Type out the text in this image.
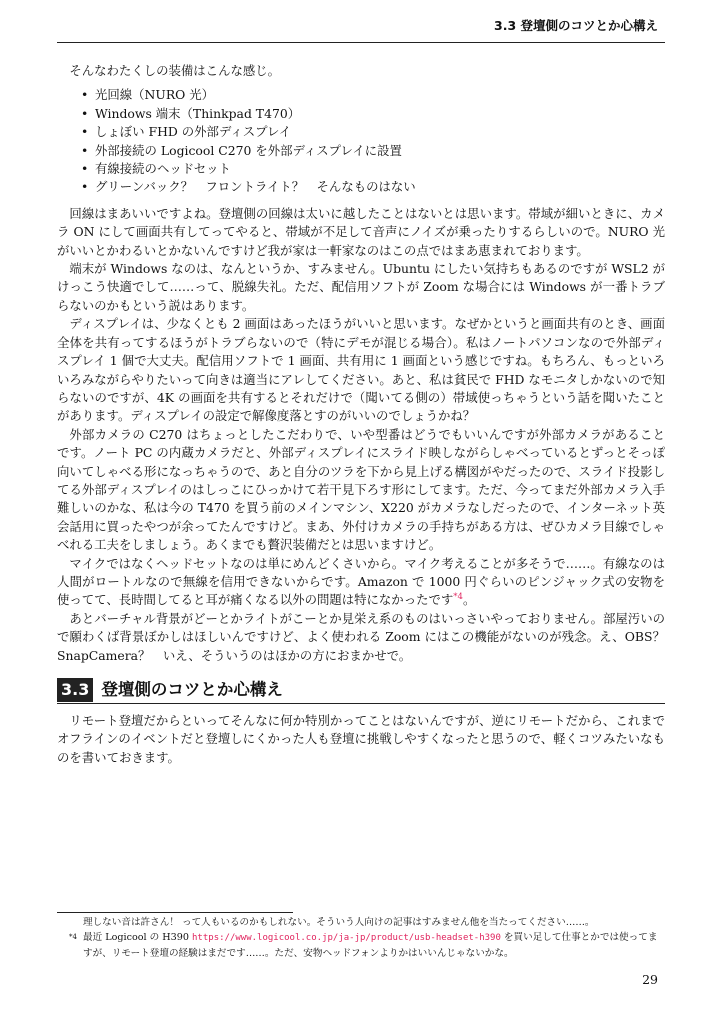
3.3 登壇側のコツとか心構え

そんなわたくしの装備はこんな感じ。

• 光回線（NURO 光）
• Windows 端末（Thinkpad T470）
• しょぼい FHD の外部ディスプレイ
• 外部接続の Logicool C270 を外部ディスプレイに設置
• 有線接続のヘッドセット
• グリーンバック？　フロントライト？　そんなものはない

回線はまあいいですよね。登壇側の回線は太いに越したことはないとは思います。帯域が細いときに、カメラ ON にして画面共有してってやると、帯域が不足して音声にノイズが乗ったりするらしいので。NURO 光がいいとかわるいとかないんですけど我が家は一軒家なのはこの点ではまあ恵まれております。

端末が Windows なのは、なんというか、すみません。Ubuntu にしたい気持ちもあるのですが WSL2 がけっこう快適でして……って、脱線失礼。ただ、配信用ソフトが Zoom な場合には Windows が一番トラブらないのかもという説はあります。

ディスプレイは、少なくとも 2 画面はあったほうがいいと思います。なぜかというと画面共有のとき、画面全体を共有ってするほうがトラブらないので（特にデモが混じる場合）。私はノートパソコンなので外部ディスプレイ 1 個で大丈夫。配信用ソフトで 1 画面、共有用に 1 画面という感じですね。もちろん、もっといろいろみながらやりたいって向きは適当にアレしてください。あと、私は貧民で FHD なモニタしかないので知らないのですが、4K の画面を共有するとそれだけで（聞いてる側の）帯域使っちゃうという話を聞いたことがあります。ディスプレイの設定で解像度落とすのがいいのでしょうかね？

外部カメラの C270 はちょっとしたこだわりで、いや型番はどうでもいいんですが外部カメラがあることです。ノート PC の内蔵カメラだと、外部ディスプレイにスライド映しながらしゃべっているとずっとそっぽ向いてしゃべる形になっちゃうので、あと自分のツラを下から見上げる構図がやだったので、スライド投影してる外部ディスプレイのはしっこにひっかけて若干見下ろす形にしてます。ただ、今ってまだ外部カメラ入手難しいのかな、私は今の T470 を買う前のメインマシン、X220 がカメラなしだったので、インターネット英会話用に買ったやつが余ってたんですけど。まあ、外付けカメラの手持ちがある方は、ぜひカメラ目線でしゃべれる工夫をしましょう。あくまでも贅沢装備だとは思いますけど。

マイクではなくヘッドセットなのは単にめんどくさいから。マイク考えることが多そうで……。有線なのは人間がロートルなので無線を信用できないからです。Amazon で 1000 円ぐらいのピンジャック式の安物を使ってて、長時間してると耳が痛くなる以外の問題は特になかったです$^{*4}$。

あとバーチャル背景がどーとかライトがこーとか見栄え系のものはいっさいやっておりません。部屋汚いので願わくば背景ぼかしはほしいんですけど、よく使われる Zoom にはこの機能がないのが残念。え、OBS？　SnapCamera？　いえ、そういうのはほかの方におまかせで。

3.3 登壇側のコツとか心構え

リモート登壇だからといってそんなに何か特別かってことはないんですが、逆にリモートだから、これまでオフラインのイベントだと登壇しにくかった人も登壇に挑戦しやすくなったと思うので、軽くコツみたいなものを書いておきます。

理しない音は許さん！ って人もいるのかもしれない。そういう人向けの記事はすみません他を当たってください……。
$^{*4}$ 最近 Logicool の H390 https://www.logicool.co.jp/ja-jp/product/usb-headset-h390 を買い足して仕事とかでは使ってますが、リモート登壇の経験はまだです……。ただ、安物ヘッドフォンよりかはいいんじゃないかな。
29
